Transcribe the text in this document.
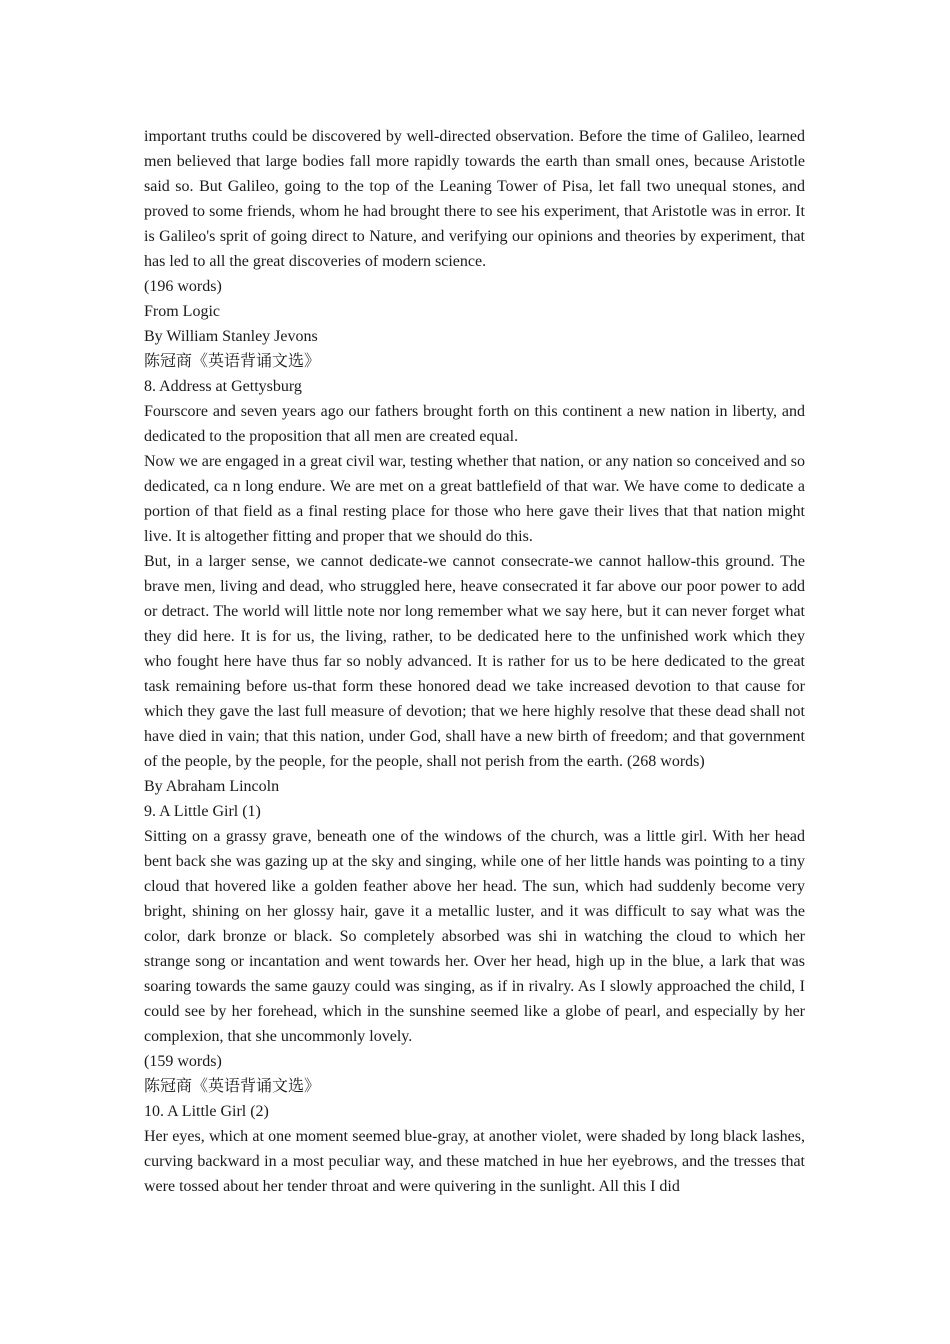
important truths could be discovered by well-directed observation. Before the time of Galileo, learned men believed that large bodies fall more rapidly towards the earth than small ones, because Aristotle said so. But Galileo, going to the top of the Leaning Tower of Pisa, let fall two unequal stones, and proved to some friends, whom he had brought there to see his experiment, that Aristotle was in error. It is Galileo's sprit of going direct to Nature, and verifying our opinions and theories by experiment, that has led to all the great discoveries of modern science.

(196 words)

From Logic

By William Stanley Jevons

陈冠商《英语背诵文选》

8. Address at Gettysburg

Fourscore and seven years ago our fathers brought forth on this continent a new nation in liberty, and dedicated to the proposition that all men are created equal.

Now we are engaged in a great civil war, testing whether that nation, or any nation so conceived and so dedicated, ca n long endure. We are met on a great battlefield of that war. We have come to dedicate a portion of that field as a final resting place for those who here gave their lives that that nation might live. It is altogether fitting and proper that we should do this.

But, in a larger sense, we cannot dedicate-we cannot consecrate-we cannot hallow-this ground. The brave men, living and dead, who struggled here, heave consecrated it far above our poor power to add or detract. The world will little note nor long remember what we say here, but it can never forget what they did here. It is for us, the living, rather, to be dedicated here to the unfinished work which they who fought here have thus far so nobly advanced. It is rather for us to be here dedicated to the great task remaining before us-that form these honored dead we take increased devotion to that cause for which they gave the last full measure of devotion; that we here highly resolve that these dead shall not have died in vain; that this nation, under God, shall have a new birth of freedom; and that government of the people, by the people, for the people, shall not perish from the earth. (268 words)

By Abraham Lincoln

9. A Little Girl (1)

Sitting on a grassy grave, beneath one of the windows of the church, was a little girl. With her head bent back she was gazing up at the sky and singing, while one of her little hands was pointing to a tiny cloud that hovered like a golden feather above her head. The sun, which had suddenly become very bright, shining on her glossy hair, gave it a metallic luster, and it was difficult to say what was the color, dark bronze or black. So completely absorbed was shi in watching the cloud to which her strange song or incantation and went towards her. Over her head, high up in the blue, a lark that was soaring towards the same gauzy could was singing, as if in rivalry. As I slowly approached the child, I could see by her forehead, which in the sunshine seemed like a globe of pearl, and especially by her complexion, that she uncommonly lovely.

(159 words)

陈冠商《英语背诵文选》

10. A Little Girl (2)

Her eyes, which at one moment seemed blue-gray, at another violet, were shaded by long black lashes, curving backward in a most peculiar way, and these matched in hue her eyebrows, and the tresses that were tossed about her tender throat and were quivering in the sunlight. All this I did
